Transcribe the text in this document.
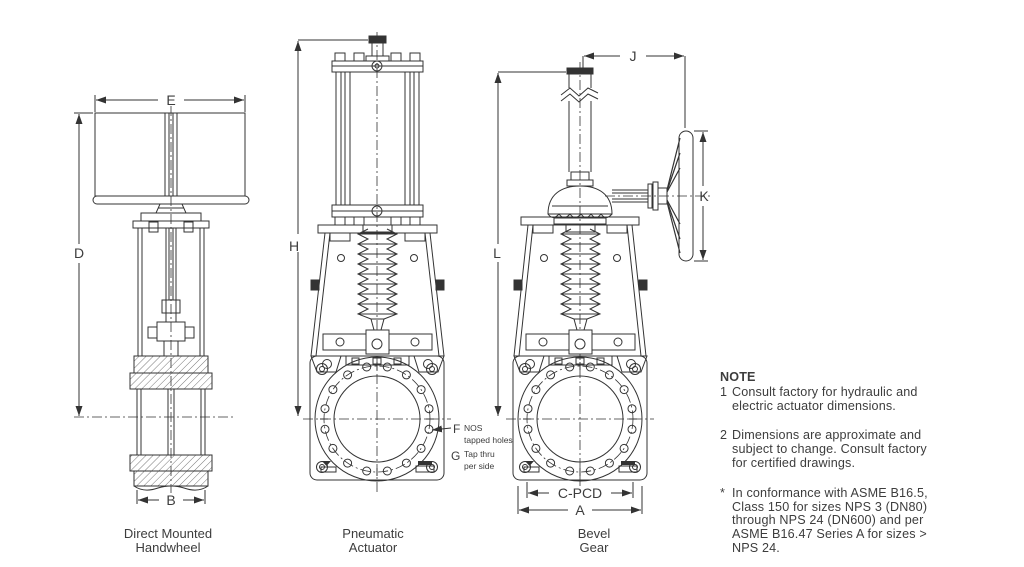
E
D
B
H
F NOS
tapped holes
G Tap thru
per side
J
K
L
C-PCD
A
Direct Mounted
Handwheel
Pneumatic
Actuator
Bevel
Gear
NOTE
1 Consult factory for hydraulic and
electric actuator dimensions.
2 Dimensions are approximate and
subject to change. Consult factory
for certified drawings.
* In conformance with ASME B16.5,
Class 150 for sizes NPS 3 (DN80)
through NPS 24 (DN600) and per
ASME B16.47 Series A for sizes >
NPS 24.
